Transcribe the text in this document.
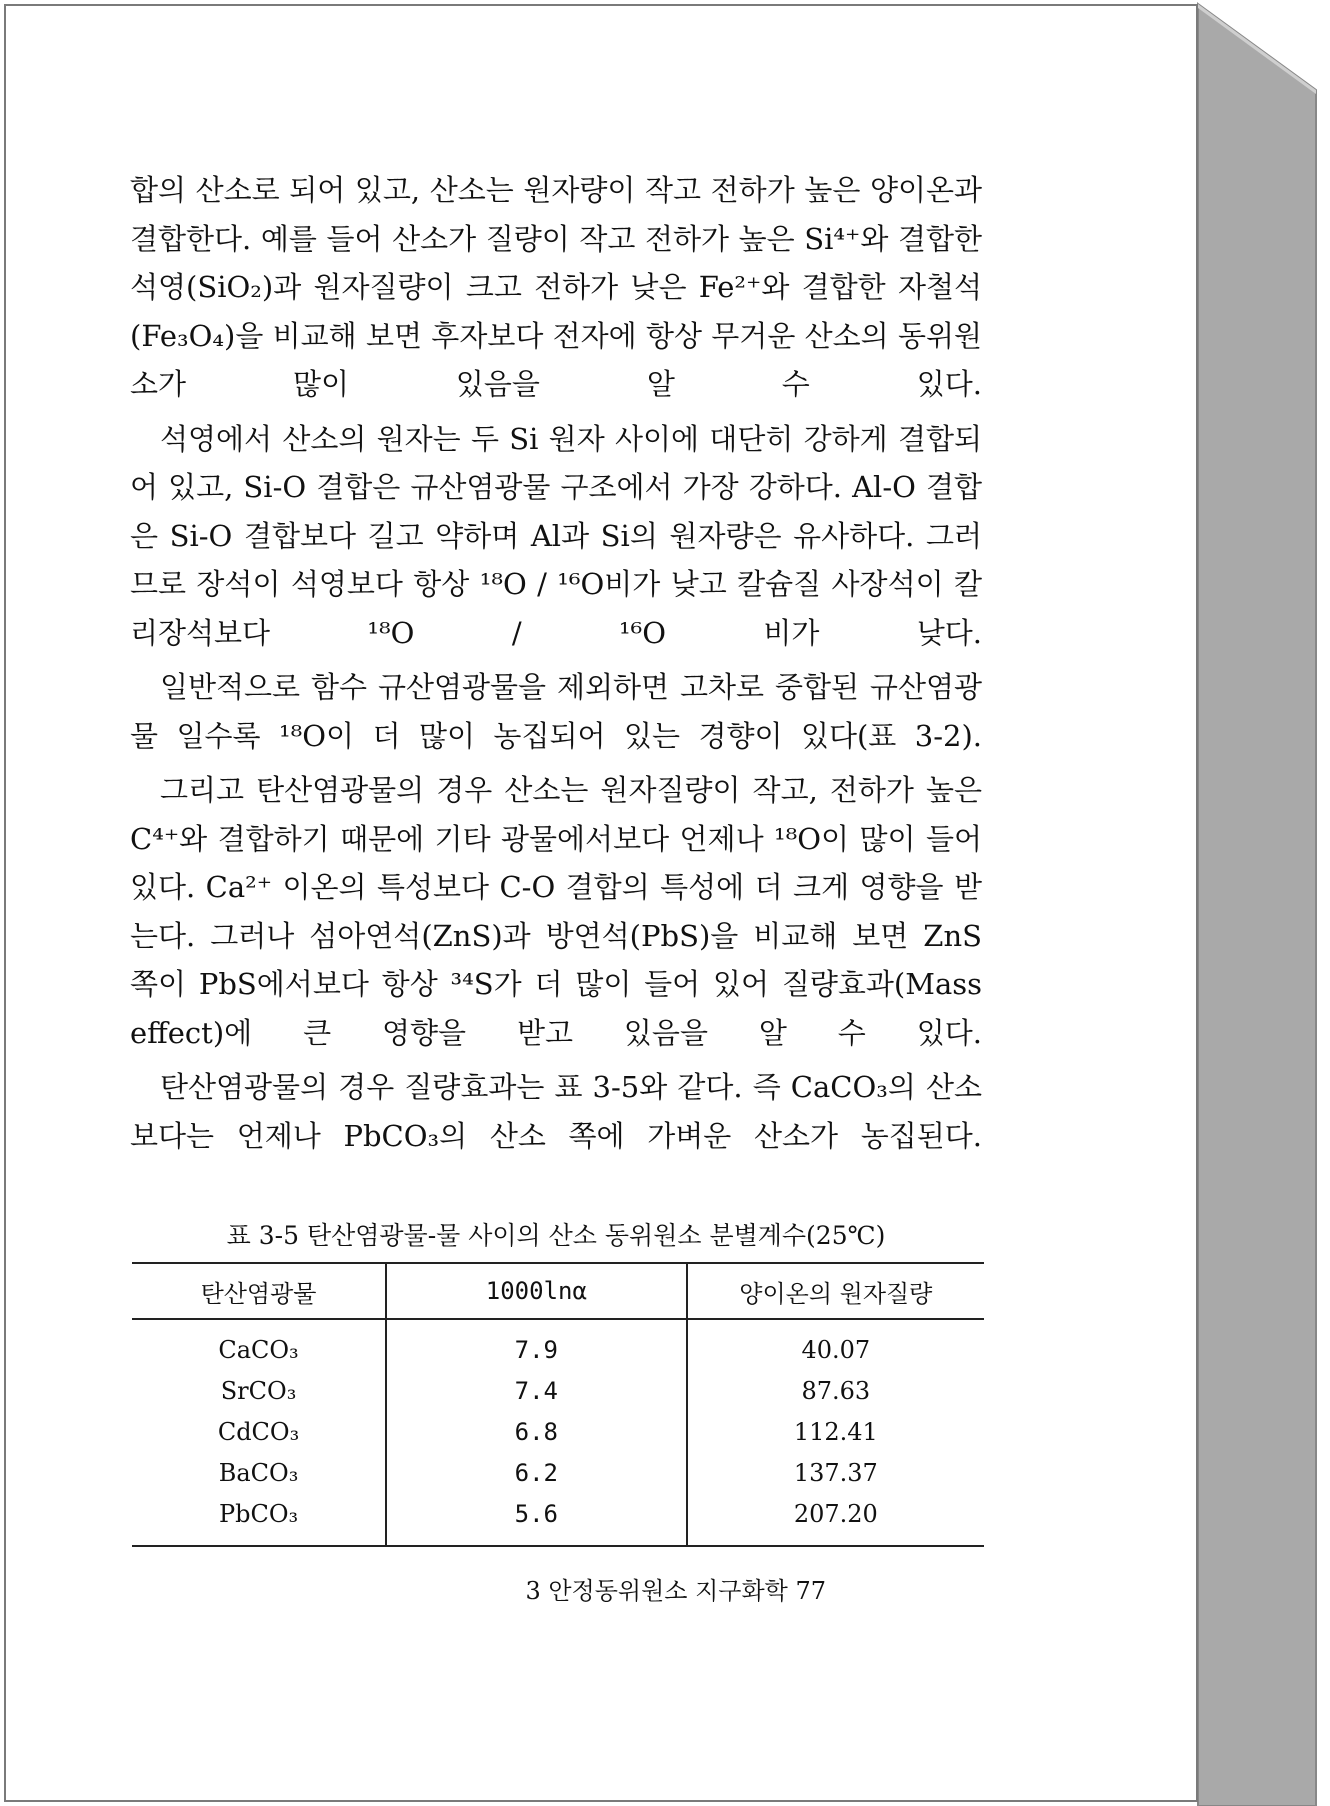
합의 산소로 되어 있고, 산소는 원자량이 작고 전하가 높은 양이온과 결합한다. 예를 들어 산소가 질량이 작고 전하가 높은 Si⁴⁺와 결합한 석영(SiO₂)과 원자질량이 크고 전하가 낮은 Fe²⁺와 결합한 자철석 (Fe₃O₄)을 비교해 보면 후자보다 전자에 항상 무거운 산소의 동위원 소가 많이 있음을 알 수 있다.

석영에서 산소의 원자는 두 Si 원자 사이에 대단히 강하게 결합되어 있고, Si-O 결합은 규산염광물 구조에서 가장 강하다. Al-O 결합은 Si-O 결합보다 길고 약하며 Al과 Si의 원자량은 유사하다. 그러므로 장석이 석영보다 항상 ¹⁸O / ¹⁶O비가 낮고 칼슘질 사장석이 칼리장석보다 ¹⁸O / ¹⁶O 비가 낮다.

일반적으로 함수 규산염광물을 제외하면 고차로 중합된 규산염광물 일수록 ¹⁸O이 더 많이 농집되어 있는 경향이 있다(표 3-2).

그리고 탄산염광물의 경우 산소는 원자질량이 작고, 전하가 높은 C⁴⁺와 결합하기 때문에 기타 광물에서보다 언제나 ¹⁸O이 많이 들어 있다. Ca²⁺ 이온의 특성보다 C-O 결합의 특성에 더 크게 영향을 받는다. 그러나 섬아연석(ZnS)과 방연석(PbS)을 비교해 보면 ZnS 쪽이 PbS에서보다 항상 ³⁴S가 더 많이 들어 있어 질량효과(Mass effect)에 큰 영향을 받고 있음을 알 수 있다.

탄산염광물의 경우 질량효과는 표 3-5와 같다. 즉 CaCO₃의 산소보다는 언제나 PbCO₃의 산소 쪽에 가벼운 산소가 농집된다.

표 3-5 탄산염광물-물 사이의 산소 동위원소 분별계수(25℃)
탄산염광물	1000lnα	양이온의 원자질량
CaCO₃	7.9	40.07
SrCO₃	7.4	87.63
CdCO₃	6.8	112.41
BaCO₃	6.2	137.37
PbCO₃	5.6	207.20
3 안정동위원소 지구화학 77
